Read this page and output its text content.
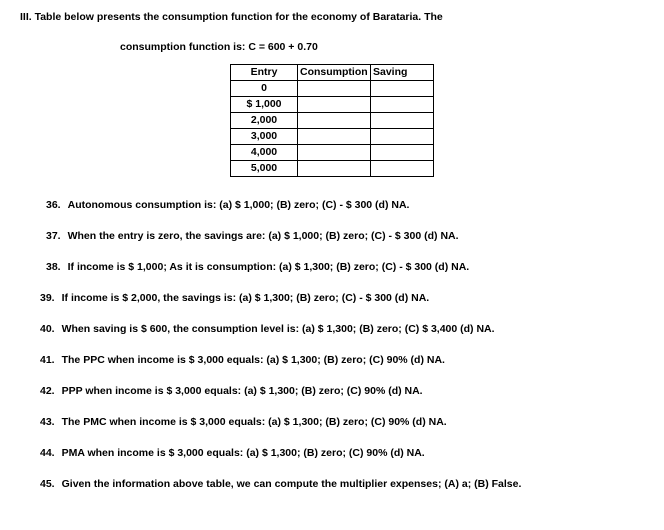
III. Table below presents the consumption function for the economy of Barataria. The

consumption function is: C = 600 + 0.70

Entry	Consumption	Saving
0		
$ 1,000		
2,000		
3,000		
4,000		
5,000		

36. Autonomous consumption is: (a) $ 1,000; (B) zero; (C) - $ 300 (d) NA.

37. When the entry is zero, the savings are: (a) $ 1,000; (B) zero; (C) - $ 300 (d) NA.

38. If income is $ 1,000; As it is consumption: (a) $ 1,300; (B) zero; (C) - $ 300 (d) NA.

39. If income is $ 2,000, the savings is: (a) $ 1,300; (B) zero; (C) - $ 300 (d) NA.

40. When saving is $ 600, the consumption level is: (a) $ 1,300; (B) zero; (C) $ 3,400 (d) NA.

41. The PPC when income is $ 3,000 equals: (a) $ 1,300; (B) zero; (C) 90% (d) NA.

42. PPP when income is $ 3,000 equals: (a) $ 1,300; (B) zero; (C) 90% (d) NA.

43. The PMC when income is $ 3,000 equals: (a) $ 1,300; (B) zero; (C) 90% (d) NA.

44. PMA when income is $ 3,000 equals: (a) $ 1,300; (B) zero; (C) 90% (d) NA.

45. Given the information above table, we can compute the multiplier expenses; (A) a; (B) False.
